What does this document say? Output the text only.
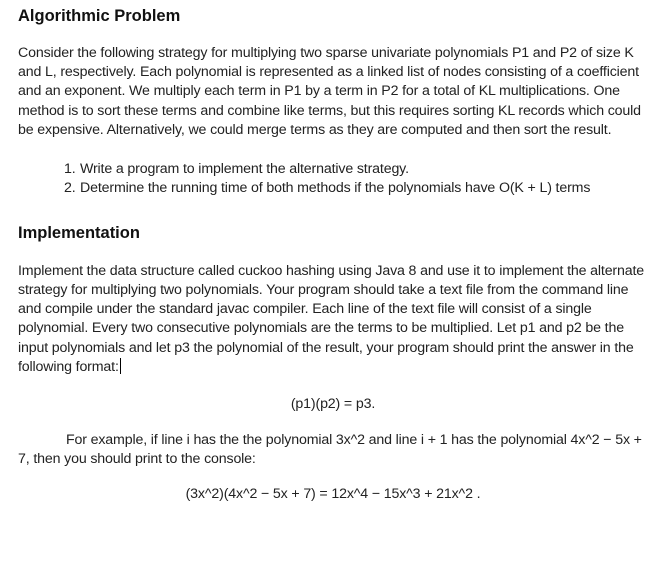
Algorithmic Problem

Consider the following strategy for multiplying two sparse univariate polynomials P1 and P2 of size K and L, respectively. Each polynomial is represented as a linked list of nodes consisting of a coefficient and an exponent. We multiply each term in P1 by a term in P2 for a total of KL multiplications. One method is to sort these terms and combine like terms, but this requires sorting KL records which could be expensive. Alternatively, we could merge terms as they are computed and then sort the result.

1. Write a program to implement the alternative strategy.
2. Determine the running time of both methods if the polynomials have O(K + L) terms
Implementation

Implement the data structure called cuckoo hashing using Java 8 and use it to implement the alternate strategy for multiplying two polynomials. Your program should take a text file from the command line and compile under the standard javac compiler. Each line of the text file will consist of a single polynomial. Every two consecutive polynomials are the terms to be multiplied. Let p1 and p2 be the input polynomials and let p3 the polynomial of the result, your program should print the answer in the following format:

(p1)(p2) = p3.

For example, if line i has the the polynomial 3x^2 and line i + 1 has the polynomial 4x^2 − 5x + 7, then you should print to the console:

(3x^2)(4x^2 − 5x + 7) = 12x^4 − 15x^3 + 21x^2 .
